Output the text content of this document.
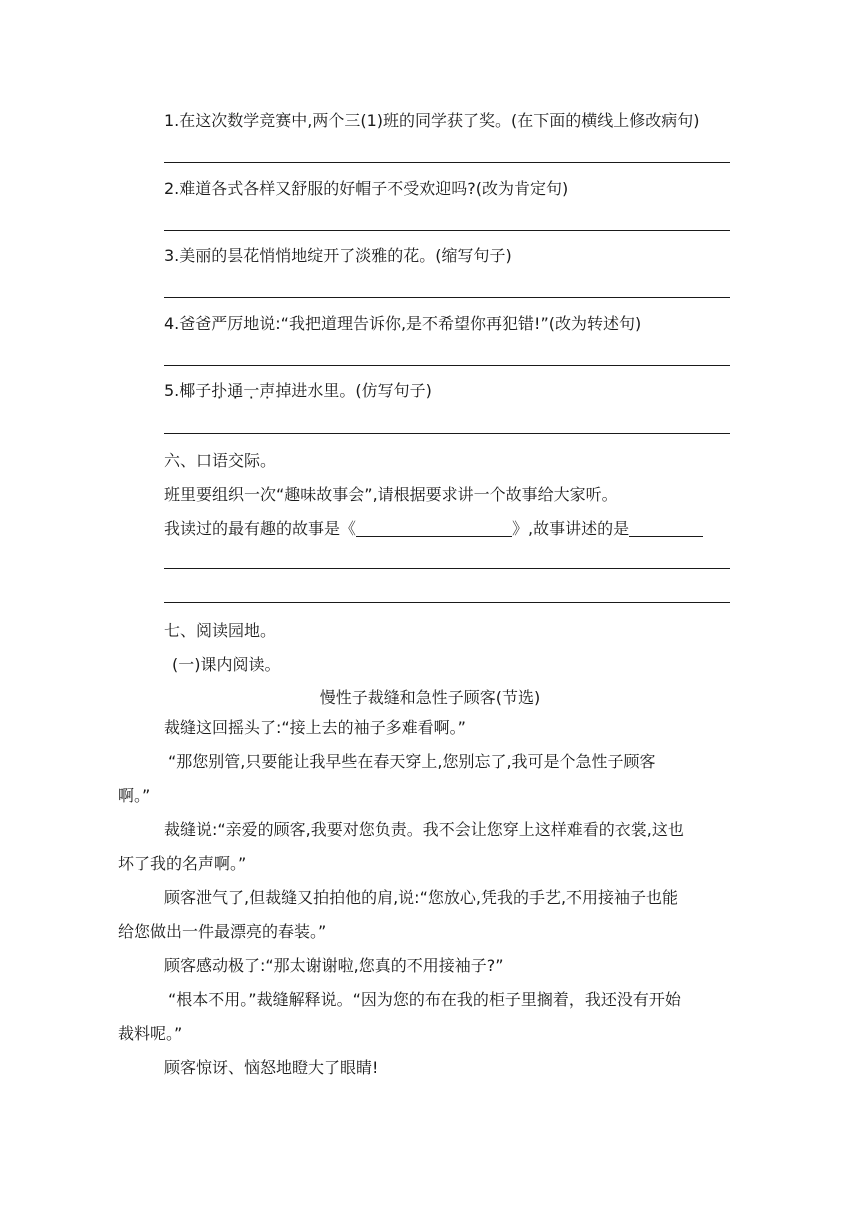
1.在这次数学竞赛中,两个三(1)班的同学获了奖。(在下面的横线上修改病句)
2.难道各式各样又舒服的好帽子不受欢迎吗?(改为肯定句)
3.美丽的昙花悄悄地绽开了淡雅的花。(缩写句子)
4.爸爸严厉地说:“我把道理告诉你,是不希望你再犯错!”(改为转述句)
5.椰子扑通一声掉进水里。(仿写句子)
六、口语交际。
班里要组织一次“趣味故事会”,请根据要求讲一个故事给大家听。
我读过的最有趣的故事是《	》,故事讲述的是
七、阅读园地。
(一)课内阅读。
慢性子裁缝和急性子顾客(节选)
裁缝这回摇头了:“接上去的袖子多难看啊。”
“那您别管,只要能让我早些在春天穿上,您别忘了,我可是个急性子顾客
啊。”
裁缝说:“亲爱的顾客,我要对您负责。我不会让您穿上这样难看的衣裳,这也
坏了我的名声啊。”
顾客泄气了,但裁缝又拍拍他的肩,说:“您放心,凭我的手艺,不用接袖子也能
给您做出一件最漂亮的春装。”
顾客感动极了:“那太谢谢啦,您真的不用接袖子?”
“根本不用。”裁缝解释说。“因为您的布在我的柜子里搁着，我还没有开始
裁料呢。”
顾客惊讶、恼怒地瞪大了眼睛!
